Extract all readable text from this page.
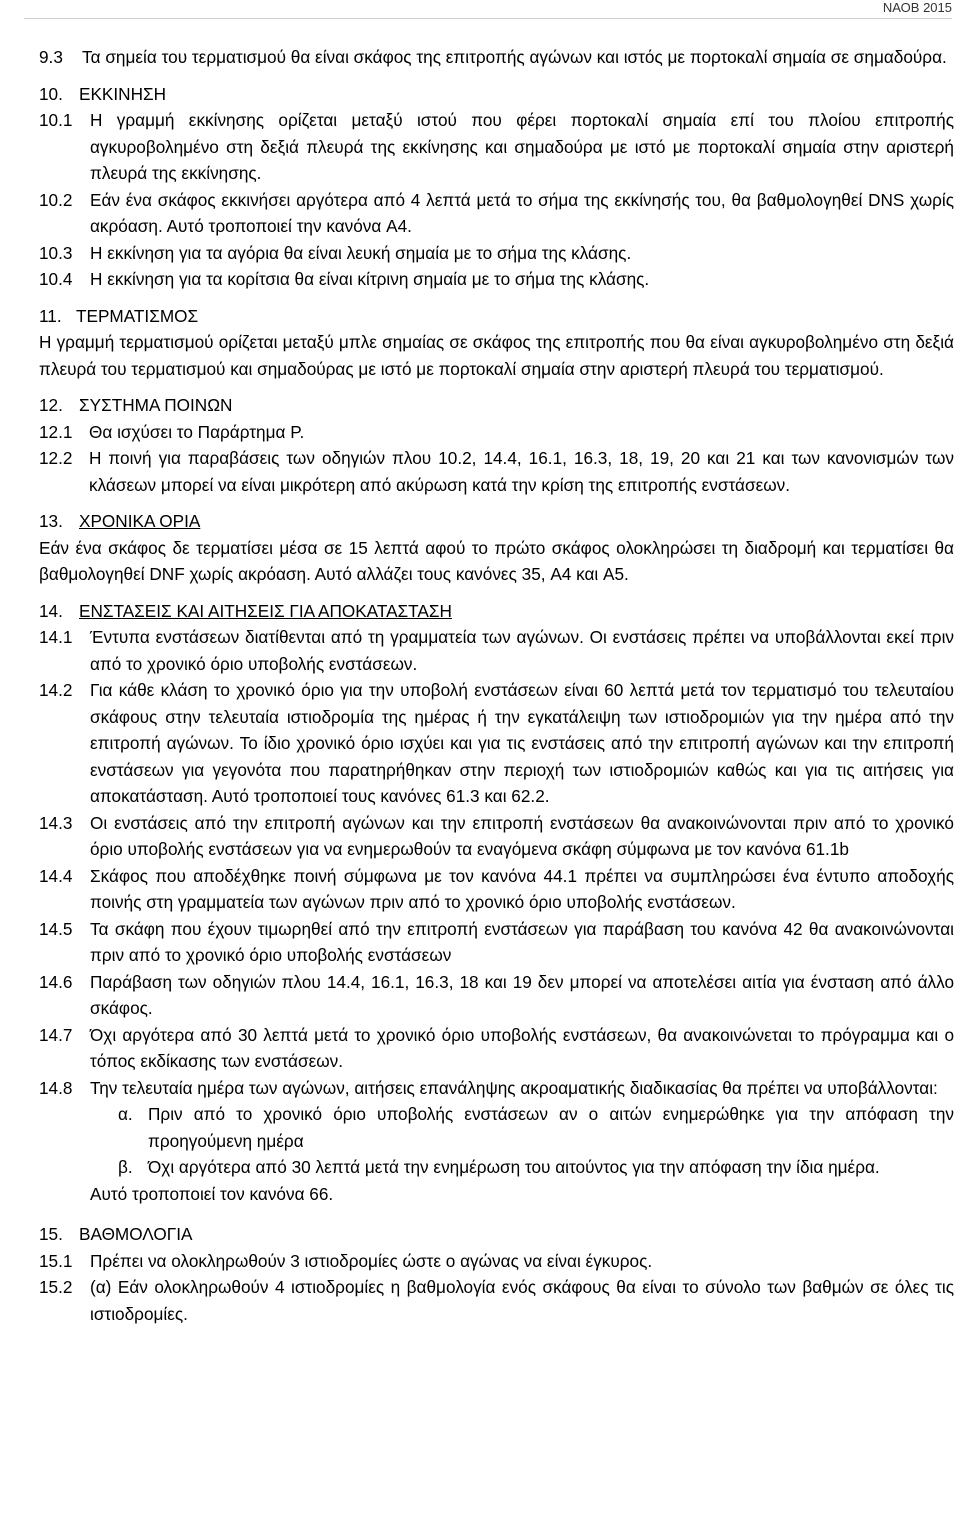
ΝΑΟΒ 2015
9.3	Τα σημεία του τερματισμού θα είναι σκάφος της επιτροπής αγώνων και ιστός με πορτοκαλί σημαία σε σημαδούρα.
10. ΕΚΚΙΝΗΣΗ
10.1	Η γραμμή εκκίνησης ορίζεται μεταξύ ιστού που φέρει πορτοκαλί σημαία επί του πλοίου επιτροπής αγκυροβολημένο στη δεξιά πλευρά της εκκίνησης και σημαδούρα με ιστό με πορτοκαλί σημαία στην αριστερή πλευρά της εκκίνησης.
10.2	Εάν ένα σκάφος εκκινήσει αργότερα από 4 λεπτά μετά το σήμα της εκκίνησής του, θα βαθμολογηθεί DNS χωρίς ακρόαση. Αυτό τροποποιεί την κανόνα A4.
10.3	Η εκκίνηση για τα αγόρια θα είναι λευκή σημαία με το σήμα της κλάσης.
10.4	Η εκκίνηση για τα κορίτσια θα είναι κίτρινη σημαία με το σήμα της κλάσης.
11. ΤΕΡΜΑΤΙΣΜΟΣ
Η γραμμή τερματισμού ορίζεται μεταξύ μπλε σημαίας σε σκάφος της επιτροπής που θα είναι αγκυροβολημένο στη δεξιά πλευρά του τερματισμού και σημαδούρας με ιστό με πορτοκαλί σημαία στην αριστερή πλευρά του τερματισμού.
12. ΣΥΣΤΗΜΑ ΠΟΙΝΩΝ
12.1 Θα ισχύσει το Παράρτημα Ρ.
12.2 Η ποινή για παραβάσεις των οδηγιών πλου 10.2, 14.4, 16.1, 16.3, 18, 19, 20 και 21 και των κανονισμών των κλάσεων μπορεί να είναι μικρότερη από ακύρωση κατά την κρίση της επιτροπής ενστάσεων.
13. ΧΡΟΝΙΚΑ ΟΡΙΑ
Εάν ένα σκάφος δε τερματίσει μέσα σε 15 λεπτά αφού το πρώτο σκάφος ολοκληρώσει τη διαδρομή και τερματίσει θα βαθμολογηθεί DNF χωρίς ακρόαση. Αυτό αλλάζει τους κανόνες 35, A4 και A5.
14. ΕΝΣΤΑΣΕΙΣ ΚΑΙ ΑΙΤΗΣΕΙΣ ΓΙΑ ΑΠΟΚΑΤΑΣΤΑΣΗ
14.1	Έντυπα ενστάσεων διατίθενται από τη γραμματεία των αγώνων. Οι ενστάσεις πρέπει να υποβάλλονται εκεί πριν από το χρονικό όριο υποβολής ενστάσεων.
14.2	Για κάθε κλάση το χρονικό όριο για την υποβολή ενστάσεων είναι 60 λεπτά μετά τον τερματισμό του τελευταίου σκάφους στην τελευταία ιστιοδρομία της ημέρας ή την εγκατάλειψη των ιστιοδρομιών για την ημέρα από την επιτροπή αγώνων. Το ίδιο χρονικό όριο ισχύει και για τις ενστάσεις από την επιτροπή αγώνων και την επιτροπή ενστάσεων για γεγονότα που παρατηρήθηκαν στην περιοχή των ιστιοδρομιών καθώς και για τις αιτήσεις για αποκατάσταση. Αυτό τροποποιεί τους κανόνες 61.3 και 62.2.
14.3	Οι ενστάσεις από την επιτροπή αγώνων και την επιτροπή ενστάσεων θα ανακοινώνονται πριν από το χρονικό όριο υποβολής ενστάσεων για να ενημερωθούν τα εναγόμενα σκάφη σύμφωνα με τον κανόνα 61.1b
14.4	Σκάφος που αποδέχθηκε ποινή σύμφωνα με τον κανόνα 44.1 πρέπει να συμπληρώσει ένα έντυπο αποδοχής ποινής στη γραμματεία των αγώνων πριν από το χρονικό όριο υποβολής ενστάσεων.
14.5	Τα σκάφη που έχουν τιμωρηθεί από την επιτροπή ενστάσεων για παράβαση του κανόνα 42 θα ανακοινώνονται πριν από το χρονικό όριο υποβολής ενστάσεων
14.6	Παράβαση των οδηγιών πλου 14.4, 16.1, 16.3, 18 και 19 δεν μπορεί να αποτελέσει αιτία για ένσταση από άλλο σκάφος.
14.7	Όχι αργότερα από 30 λεπτά μετά το χρονικό όριο υποβολής ενστάσεων, θα ανακοινώνεται το πρόγραμμα και ο τόπος εκδίκασης των ενστάσεων.
14.8	Την τελευταία ημέρα των αγώνων, αιτήσεις επανάληψης ακροαματικής διαδικασίας θα πρέπει να υποβάλλονται:
α. Πριν από το χρονικό όριο υποβολής ενστάσεων αν ο αιτών ενημερώθηκε για την απόφαση την προηγούμενη ημέρα
β. Όχι αργότερα από 30 λεπτά μετά την ενημέρωση του αιτούντος για την απόφαση την ίδια ημέρα.
Αυτό τροποποιεί τον κανόνα 66.
15. ΒΑΘΜΟΛΟΓΙΑ
15.1	Πρέπει να ολοκληρωθούν 3 ιστιοδρομίες ώστε ο αγώνας να είναι έγκυρος.
15.2	(α) Εάν ολοκληρωθούν 4 ιστιοδρομίες η βαθμολογία ενός σκάφους θα είναι το σύνολο των βαθμών σε όλες τις ιστιοδρομίες.
